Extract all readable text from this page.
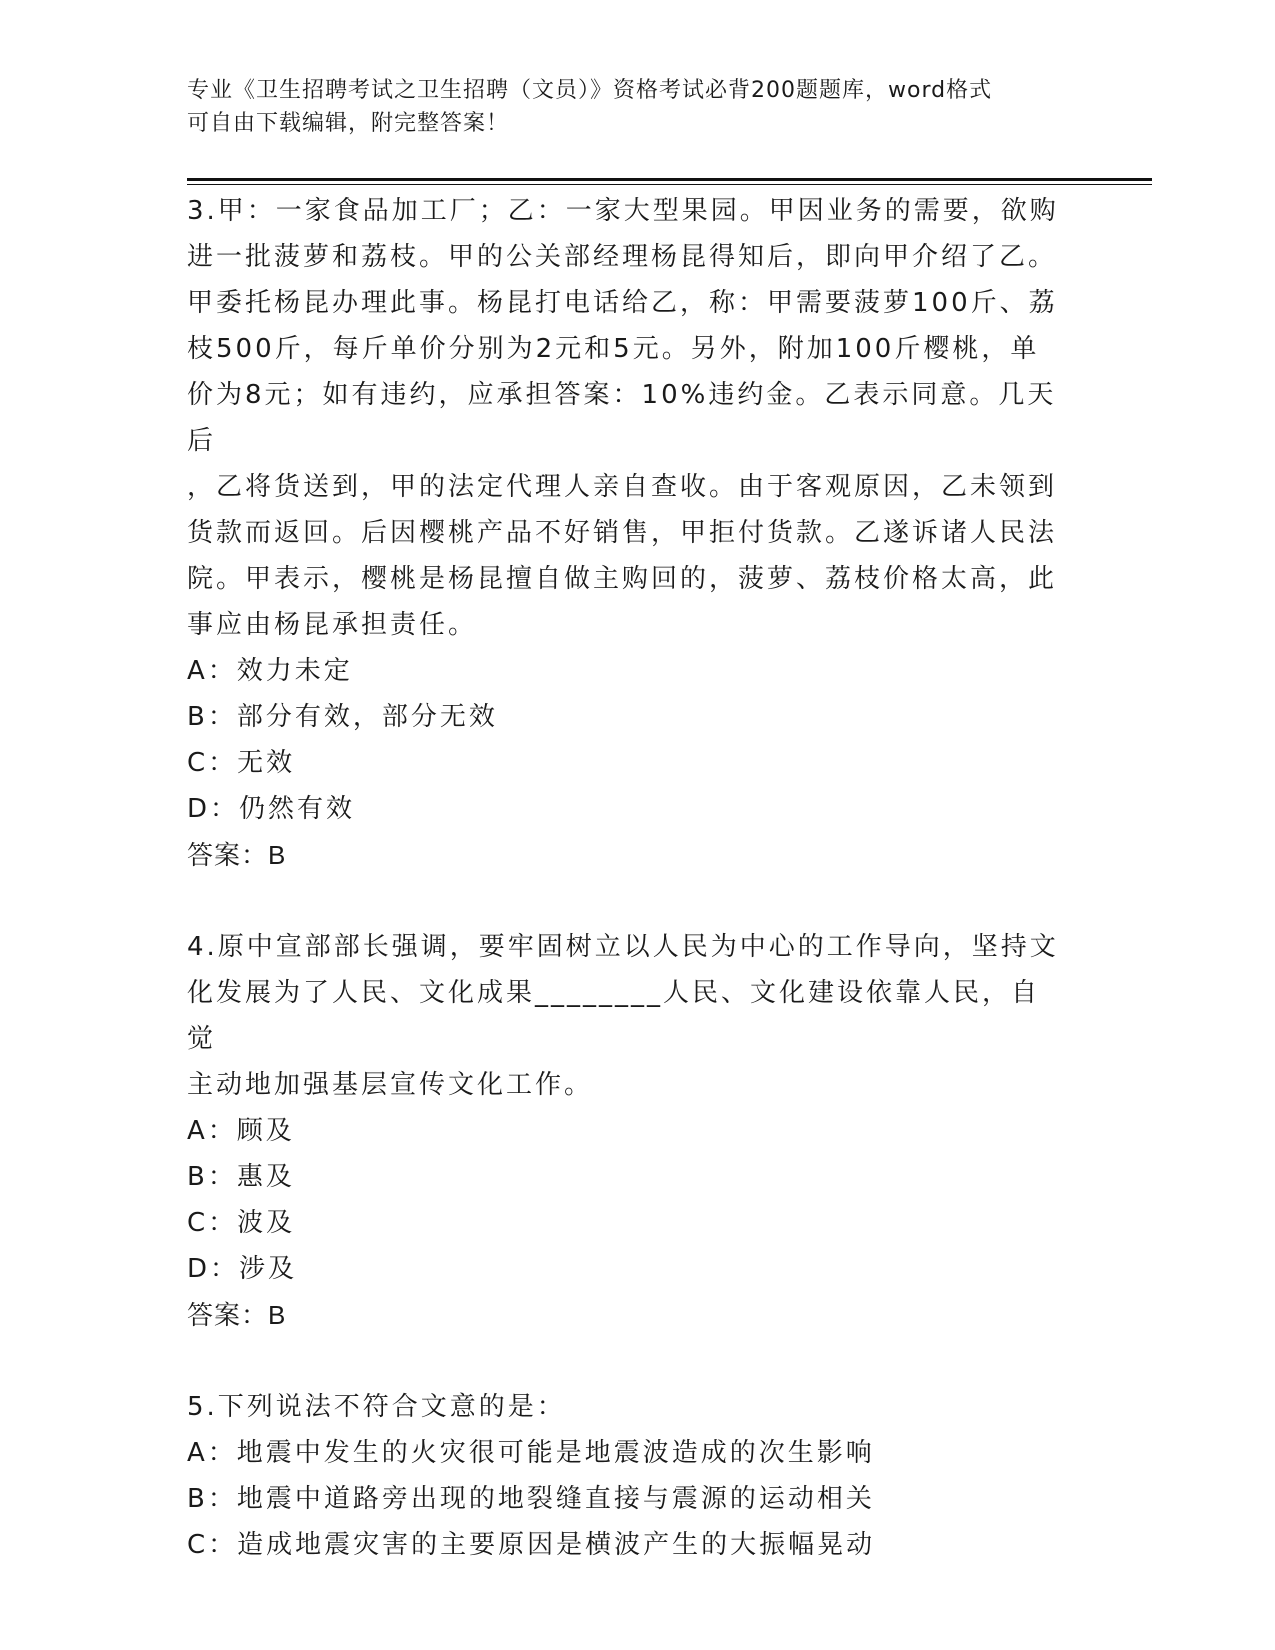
专业《卫生招聘考试之卫生招聘（文员）》资格考试必背200题题库，word格式
可自由下载编辑，附完整答案！

3.甲：一家食品加工厂；乙：一家大型果园。甲因业务的需要，欲购

进一批菠萝和荔枝。甲的公关部经理杨昆得知后，即向甲介绍了乙。

甲委托杨昆办理此事。杨昆打电话给乙，称：甲需要菠萝100斤、荔

枝500斤，每斤单价分别为2元和5元。另外，附加100斤樱桃，单

价为8元；如有违约，应承担答案：10%违约金。乙表示同意。几天后

，乙将货送到，甲的法定代理人亲自查收。由于客观原因，乙未领到

货款而返回。后因樱桃产品不好销售，甲拒付货款。乙遂诉诸人民法

院。甲表示，樱桃是杨昆擅自做主购回的，菠萝、荔枝价格太高，此

事应由杨昆承担责任。

A：效力未定

B：部分有效，部分无效

C：无效

D：仍然有效

答案：B

4.原中宣部部长强调，要牢固树立以人民为中心的工作导向，坚持文

化发展为了人民、文化成果________人民、文化建设依靠人民，自觉

主动地加强基层宣传文化工作。

A：顾及

B：惠及

C：波及

D：涉及

答案：B

5.下列说法不符合文意的是：

A：地震中发生的火灾很可能是地震波造成的次生影响

B：地震中道路旁出现的地裂缝直接与震源的运动相关

C：造成地震灾害的主要原因是横波产生的大振幅晃动
